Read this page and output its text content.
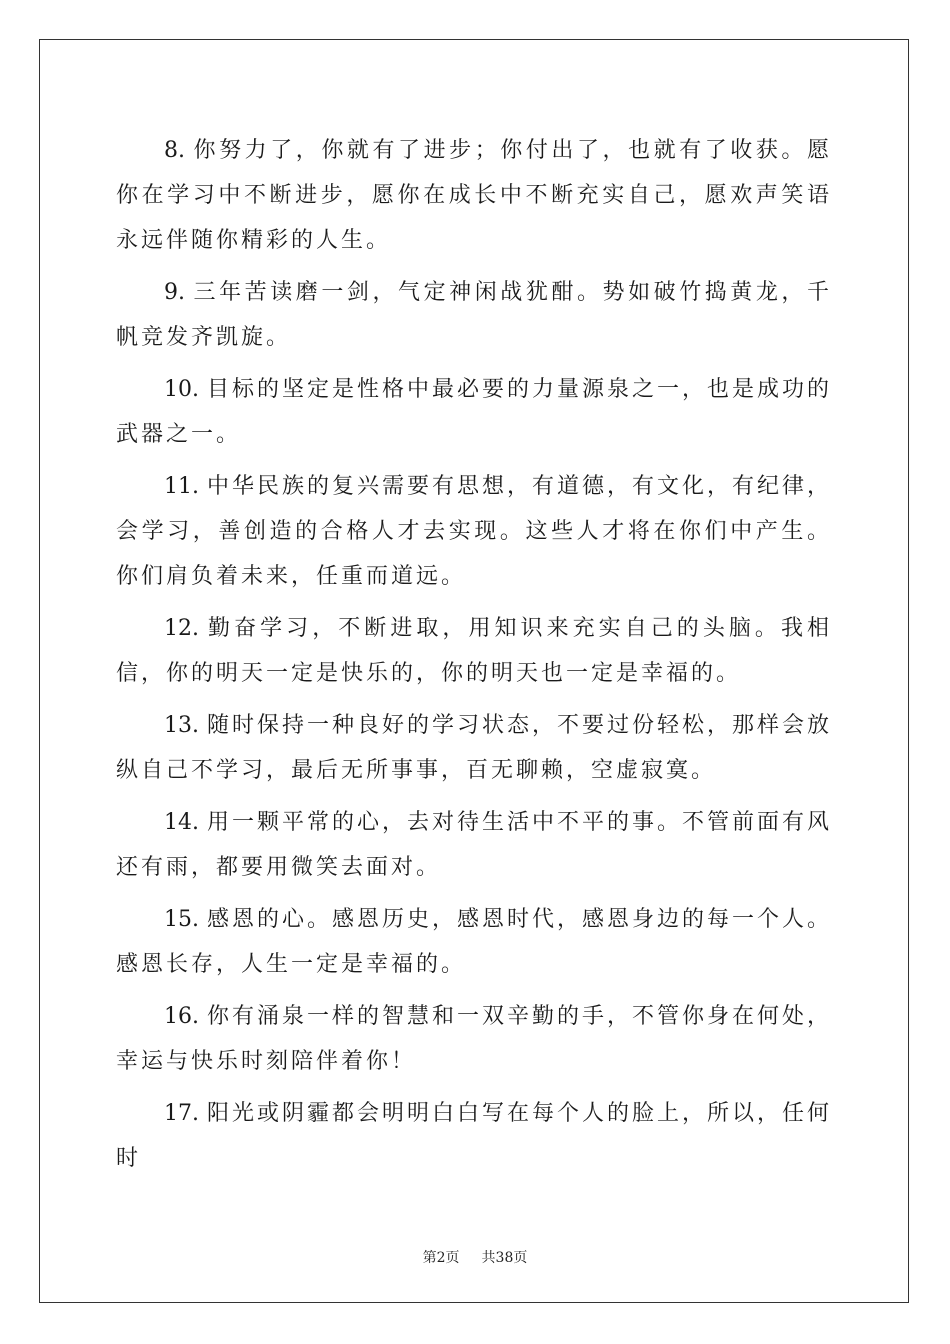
8. 你努力了，你就有了进步；你付出了，也就有了收获。愿你在学习中不断进步，愿你在成长中不断充实自己，愿欢声笑语永远伴随你精彩的人生。

9. 三年苦读磨一剑，气定神闲战犹酣。势如破竹捣黄龙，千帆竞发齐凯旋。

10. 目标的坚定是性格中最必要的力量源泉之一，也是成功的武器之一。

11. 中华民族的复兴需要有思想，有道德，有文化，有纪律，会学习，善创造的合格人才去实现。这些人才将在你们中产生。你们肩负着未来，任重而道远。

12. 勤奋学习，不断进取，用知识来充实自己的头脑。我相信，你的明天一定是快乐的，你的明天也一定是幸福的。

13. 随时保持一种良好的学习状态，不要过份轻松，那样会放纵自己不学习，最后无所事事，百无聊赖，空虚寂寞。

14. 用一颗平常的心，去对待生活中不平的事。不管前面有风还有雨，都要用微笑去面对。

15. 感恩的心。感恩历史，感恩时代，感恩身边的每一个人。感恩长存，人生一定是幸福的。

16. 你有涌泉一样的智慧和一双辛勤的手，不管你身在何处，幸运与快乐时刻陪伴着你！

17. 阳光或阴霾都会明明白白写在每个人的脸上，所以，任何时

第2页 共38页
